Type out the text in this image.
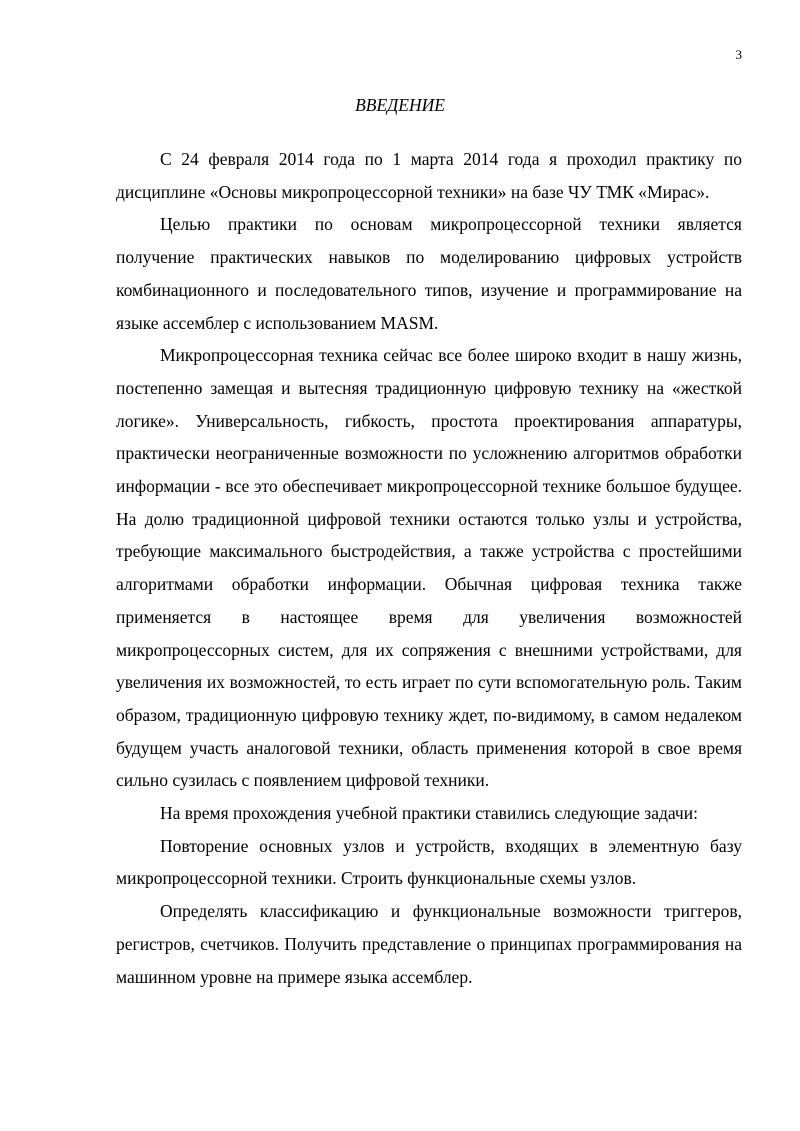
3
ВВЕДЕНИЕ

С 24 февраля 2014 года по 1 марта 2014 года я проходил практику по дисциплине «Основы микропроцессорной техники» на базе ЧУ ТМК «Мирас».

Целью практики по основам микропроцессорной техники является получение практических навыков по моделированию цифровых устройств комбинационного и последовательного типов, изучение и программирование на языке ассемблер с использованием MASM.

Микропроцессорная техника сейчас все более широко входит в нашу жизнь, постепенно замещая и вытесняя традиционную цифровую технику на «жесткой логике». Универсальность, гибкость, простота проектирования аппаратуры, практически неограниченные возможности по усложнению алгоритмов обработки информации - все это обеспечивает микропроцессорной технике большое будущее. На долю традиционной цифровой техники остаются только узлы и устройства, требующие максимального быстродействия, а также устройства с простейшими алгоритмами обработки информации. Обычная цифровая техника также применяется в настоящее время для увеличения возможностей микропроцессорных систем, для их сопряжения с внешними устройствами, для увеличения их возможностей, то есть играет по сути вспомогательную роль. Таким образом, традиционную цифровую технику ждет, по-видимому, в самом недалеком будущем участь аналоговой техники, область применения которой в свое время сильно сузилась с появлением цифровой техники.

На время прохождения учебной практики ставились следующие задачи:

Повторение основных узлов и устройств, входящих в элементную базу микропроцессорной техники. Строить функциональные схемы узлов.

Определять классификацию и функциональные возможности триггеров, регистров, счетчиков. Получить представление о принципах программирования на машинном уровне на примере языка ассемблер.
